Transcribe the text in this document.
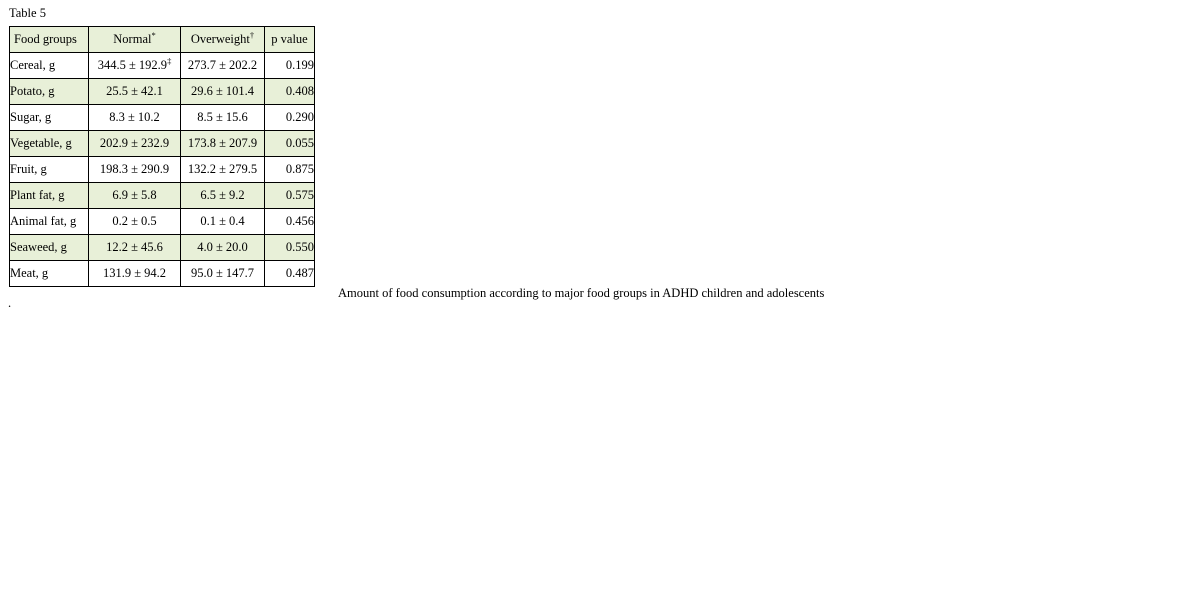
Table 5
Food groups	Normal*	Overweight†	p value
Cereal, g	344.5 ± 192.9‡	273.7 ± 202.2	0.199
Potato, g	25.5 ± 42.1	29.6 ± 101.4	0.408
Sugar, g	8.3 ± 10.2	8.5 ± 15.6	0.290
Vegetable, g	202.9 ± 232.9	173.8 ± 207.9	0.055
Fruit, g	198.3 ± 290.9	132.2 ± 279.5	0.875
Plant fat, g	6.9 ± 5.8	6.5 ± 9.2	0.575
Animal fat, g	0.2 ± 0.5	0.1 ± 0.4	0.456
Seaweed, g	12.2 ± 45.6	4.0 ± 20.0	0.550
Meat, g	131.9 ± 94.2	95.0 ± 147.7	0.487
.
Amount of food consumption according to major food groups in ADHD children and adolescents
